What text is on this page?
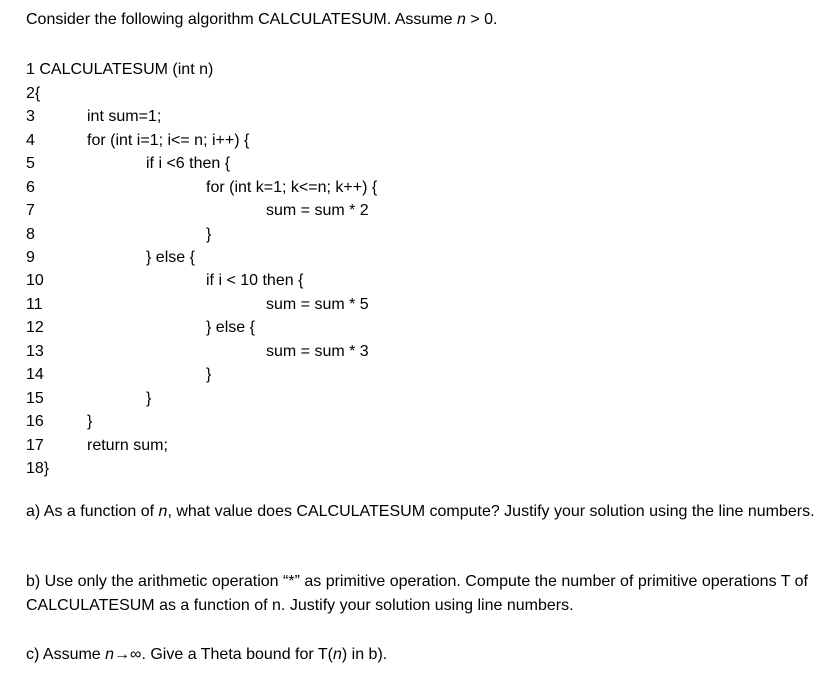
Consider the following algorithm CALCULATESUM. Assume n > 0.
1 CALCULATESUM (int n)
2{
3	int sum=1;
4	for (int i=1; i<= n; i++) {
5	if i <6 then {
6	for (int k=1; k<=n; k++) {
7	sum = sum * 2
8	}
9	} else {
10	if i < 10 then {
11	sum = sum * 5
12	} else {
13	sum = sum * 3
14	}
15	}
16	}
17	return sum;
18}
a) As a function of n, what value does CALCULATESUM compute? Justify your solution using the line numbers.
b) Use only the arithmetic operation “*” as primitive operation. Compute the number of primitive operations T of CALCULATESUM as a function of n. Justify your solution using line numbers.
c) Assume n→∞. Give a Theta bound for T(n) in b).
